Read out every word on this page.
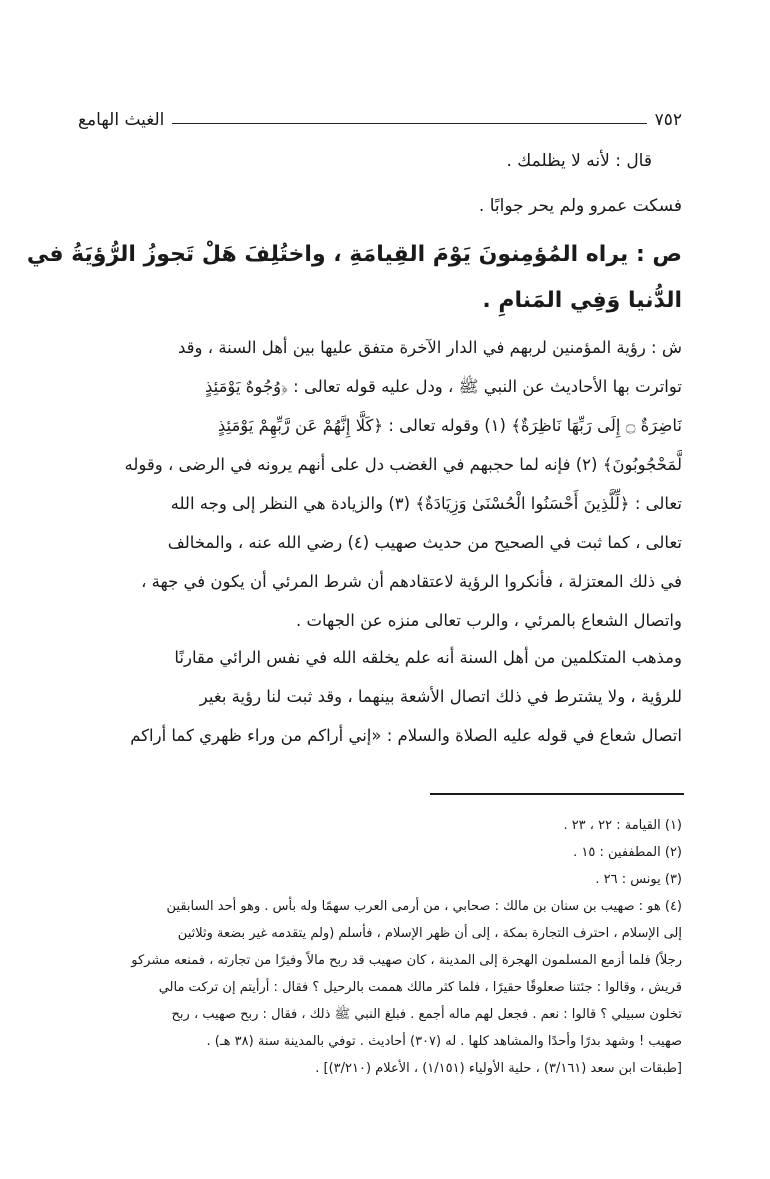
الغيث الهامع	٧٥٢
قال : لأنه لا يظلمك .
فسكت عمرو ولم يحر جوابًا .
ص : يراه المُؤمِنونَ يَوْمَ القِيامَةِ ، واختُلِفَ هَلْ تَجوزُ الرُّؤيَةُ في
الدُّنيا وَفِي المَنامِ .
ش : رؤية المؤمنين لربهم في الدار الآخرة متفق عليها بين أهل السنة ، وقد
تواترت بها الأحاديث عن النبي ﷺ ، ودل عليه قوله تعالى : ﴿وُجُوهٌ يَوْمَئِذٍ
نَاضِرَةٌ ۝ إِلَى رَبِّهَا نَاظِرَةٌ﴾ (١) وقوله تعالى : ﴿كَلَّا إِنَّهُمْ عَن رَّبِّهِمْ يَوْمَئِذٍ
لَّمَحْجُوبُونَ﴾ (٢) فإنه لما حجبهم في الغضب دل على أنهم يرونه في الرضى ، وقوله
تعالى : ﴿لِّلَّذِينَ أَحْسَنُوا الْحُسْنَىٰ وَزِيَادَةٌ﴾ (٣) والزيادة هي النظر إلى وجه الله
تعالى ، كما ثبت في الصحيح من حديث صهيب (٤) رضي الله عنه ، والمخالف
في ذلك المعتزلة ، فأنكروا الرؤية لاعتقادهم أن شرط المرئي أن يكون في جهة ،
واتصال الشعاع بالمرئي ، والرب تعالى منزه عن الجهات .
ومذهب المتكلمين من أهل السنة أنه علم يخلقه الله في نفس الرائي مقارنًا
للرؤية ، ولا يشترط في ذلك اتصال الأشعة بينهما ، وقد ثبت لنا رؤية بغير
اتصال شعاع في قوله عليه الصلاة والسلام : «إني أراكم من وراء ظهري كما أراكم
(١) القيامة : ٢٢ ، ٢٣ .
(٢) المطففين : ١٥ .
(٣) يونس : ٢٦ .
(٤) هو : صهيب بن سنان بن مالك : صحابي ، من أرمى العرب سهمًا وله بأس . وهو أحد السابقين
إلى الإسلام ، احترف التجارة بمكة ، إلى أن ظهر الإسلام ، فأسلم (ولم يتقدمه غير بضعة وثلاثين
رجلاً) فلما أزمع المسلمون الهجرة إلى المدينة ، كان صهيب قد ربح مالاً وفيرًا من تجارته ، فمنعه مشركو
قريش ، وقالوا : جئتنا صعلوقًا حقيرًا ، فلما كثر مالك هممت بالرحيل ؟ فقال : أرأيتم إن تركت مالي
تخلون سبيلي ؟ قالوا : نعم . فجعل لهم ماله أجمع . فبلغ النبي ﷺ ذلك ، فقال : ربح صهيب ، ربح
صهيب ! وشهد بدرًا وأحدًا والمشاهد كلها . له (٣٠٧) أحاديث . توفي بالمدينة سنة (٣٨ هـ) .
[طبقات ابن سعد (٣/١٦١) ، حلية الأولياء (١/١٥١) ، الأعلام (٣/٢١٠)] .
